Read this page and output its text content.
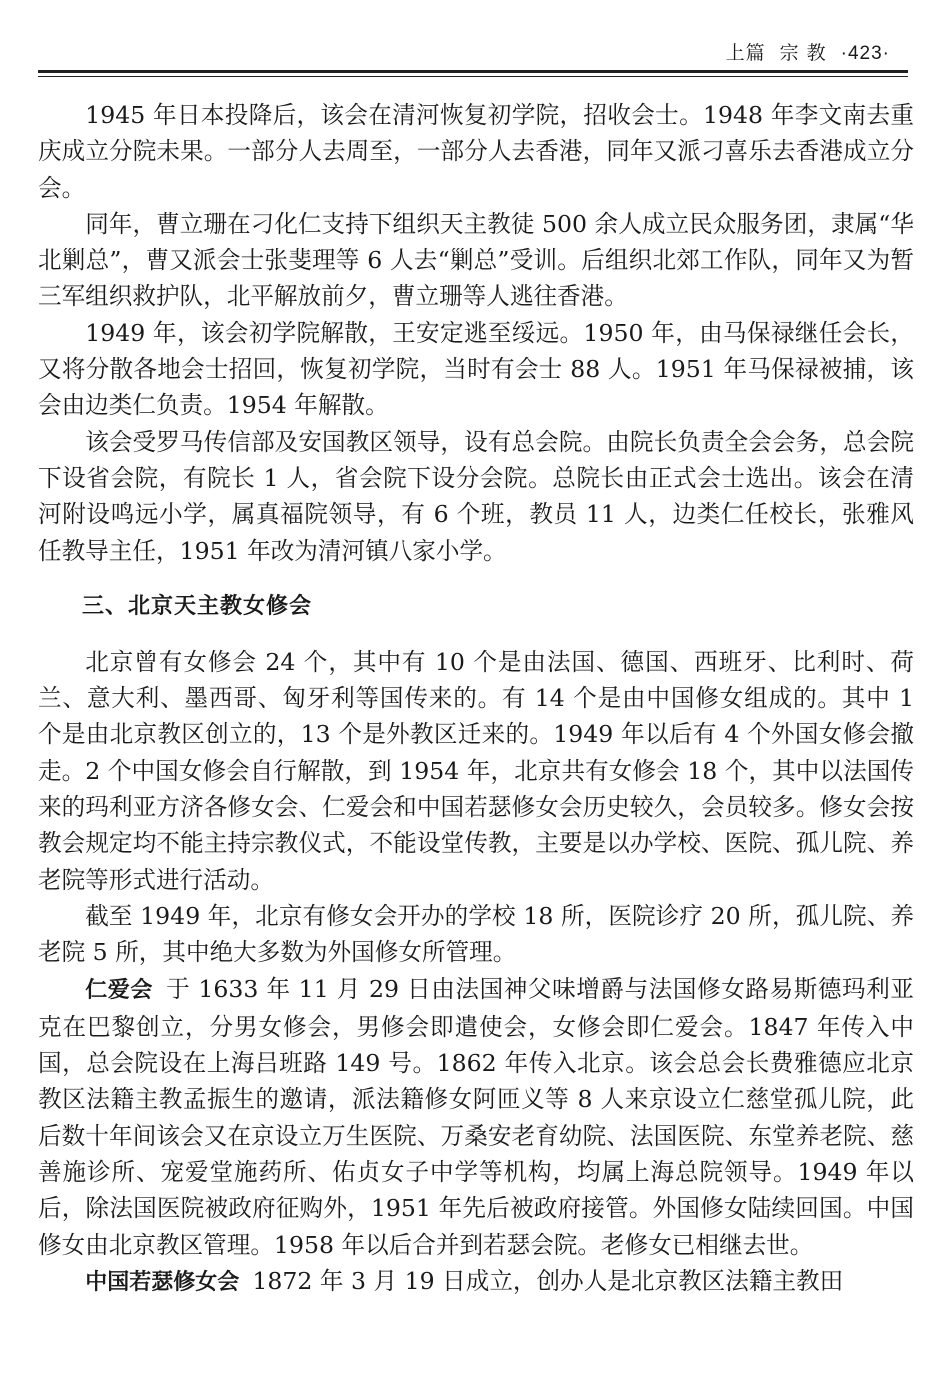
上篇 宗 教 ·423·

1945 年日本投降后，该会在清河恢复初学院，招收会士。1948 年李文南去重庆成立分院未果。一部分人去周至，一部分人去香港，同年又派刁喜乐去香港成立分会。

同年，曹立珊在刁化仁支持下组织天主教徒 500 余人成立民众服务团，隶属“华北剿总”，曹又派会士张斐理等 6 人去“剿总”受训。后组织北郊工作队，同年又为暂三军组织救护队，北平解放前夕，曹立珊等人逃往香港。

1949 年，该会初学院解散，王安定逃至绥远。1950 年，由马保禄继任会长，又将分散各地会士招回，恢复初学院，当时有会士 88 人。1951 年马保禄被捕，该会由边类仁负责。1954 年解散。

该会受罗马传信部及安国教区领导，设有总会院。由院长负责全会会务，总会院下设省会院，有院长 1 人，省会院下设分会院。总院长由正式会士选出。该会在清河附设鸣远小学，属真福院领导，有 6 个班，教员 11 人，边类仁任校长，张雅风任教导主任，1951 年改为清河镇八家小学。

三、北京天主教女修会

北京曾有女修会 24 个，其中有 10 个是由法国、德国、西班牙、比利时、荷兰、意大利、墨西哥、匈牙利等国传来的。有 14 个是由中国修女组成的。其中 1 个是由北京教区创立的，13 个是外教区迁来的。1949 年以后有 4 个外国女修会撤走。2 个中国女修会自行解散，到 1954 年，北京共有女修会 18 个，其中以法国传来的玛利亚方济各修女会、仁爱会和中国若瑟修女会历史较久，会员较多。修女会按教会规定均不能主持宗教仪式，不能设堂传教，主要是以办学校、医院、孤儿院、养老院等形式进行活动。

截至 1949 年，北京有修女会开办的学校 18 所，医院诊疗 20 所，孤儿院、养老院 5 所，其中绝大多数为外国修女所管理。

仁爱会 于 1633 年 11 月 29 日由法国神父味增爵与法国修女路易斯德玛利亚克在巴黎创立，分男女修会，男修会即遣使会，女修会即仁爱会。1847 年传入中国，总会院设在上海吕班路 149 号。1862 年传入北京。该会总会长费雅德应北京教区法籍主教孟振生的邀请，派法籍修女阿匝义等 8 人来京设立仁慈堂孤儿院，此后数十年间该会又在京设立万生医院、万桑安老育幼院、法国医院、东堂养老院、慈善施诊所、宠爱堂施药所、佑贞女子中学等机构，均属上海总院领导。1949 年以后，除法国医院被政府征购外，1951 年先后被政府接管。外国修女陆续回国。中国修女由北京教区管理。1958 年以后合并到若瑟会院。老修女已相继去世。

中国若瑟修女会 1872 年 3 月 19 日成立，创办人是北京教区法籍主教田
